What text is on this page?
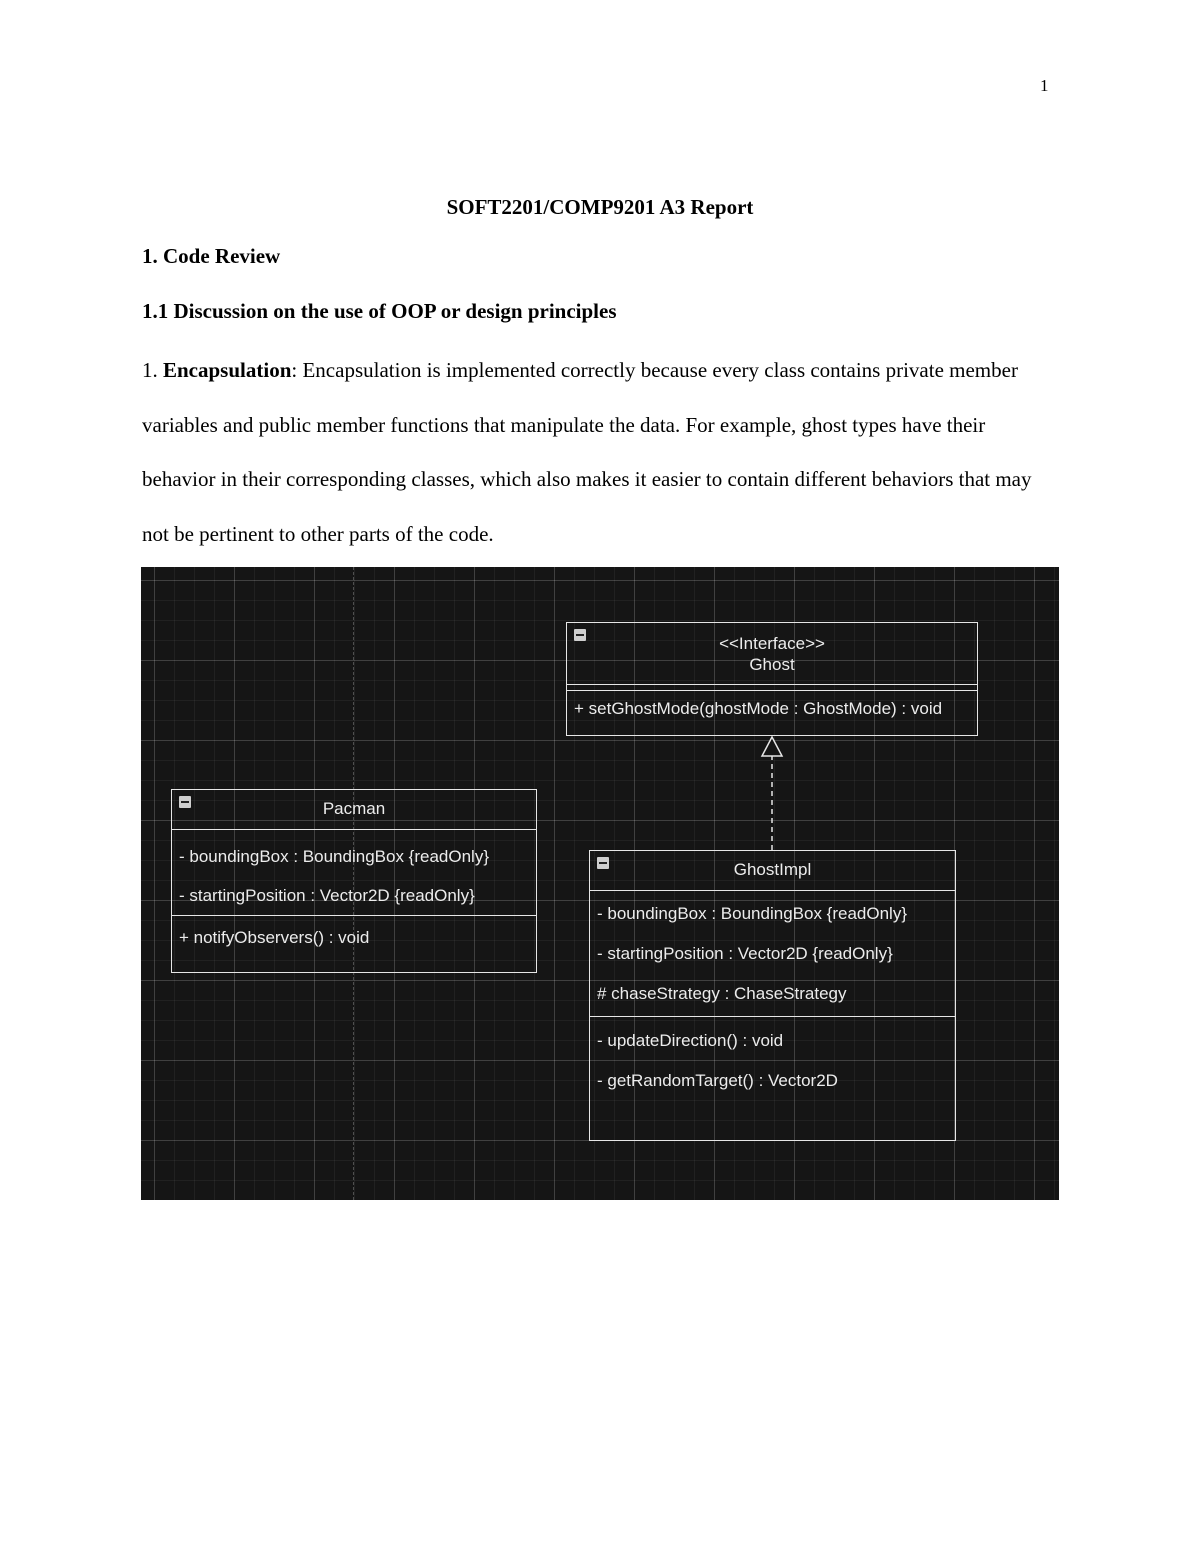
1
SOFT2201/COMP9201 A3 Report
1. Code Review
1.1 Discussion on the use of OOP or design principles
1. Encapsulation: Encapsulation is implemented correctly because every class contains private member variables and public member functions that manipulate the data. For example, ghost types have their behavior in their corresponding classes, which also makes it easier to contain different behaviors that may not be pertinent to other parts of the code.
<<Interface>>
Ghost
+ setGhostMode(ghostMode : GhostMode) : void
Pacman
- boundingBox : BoundingBox {readOnly}
- startingPosition : Vector2D {readOnly}
+ notifyObservers() : void
GhostImpl
- boundingBox : BoundingBox {readOnly}
- startingPosition : Vector2D {readOnly}
# chaseStrategy : ChaseStrategy
- updateDirection() : void
- getRandomTarget() : Vector2D
